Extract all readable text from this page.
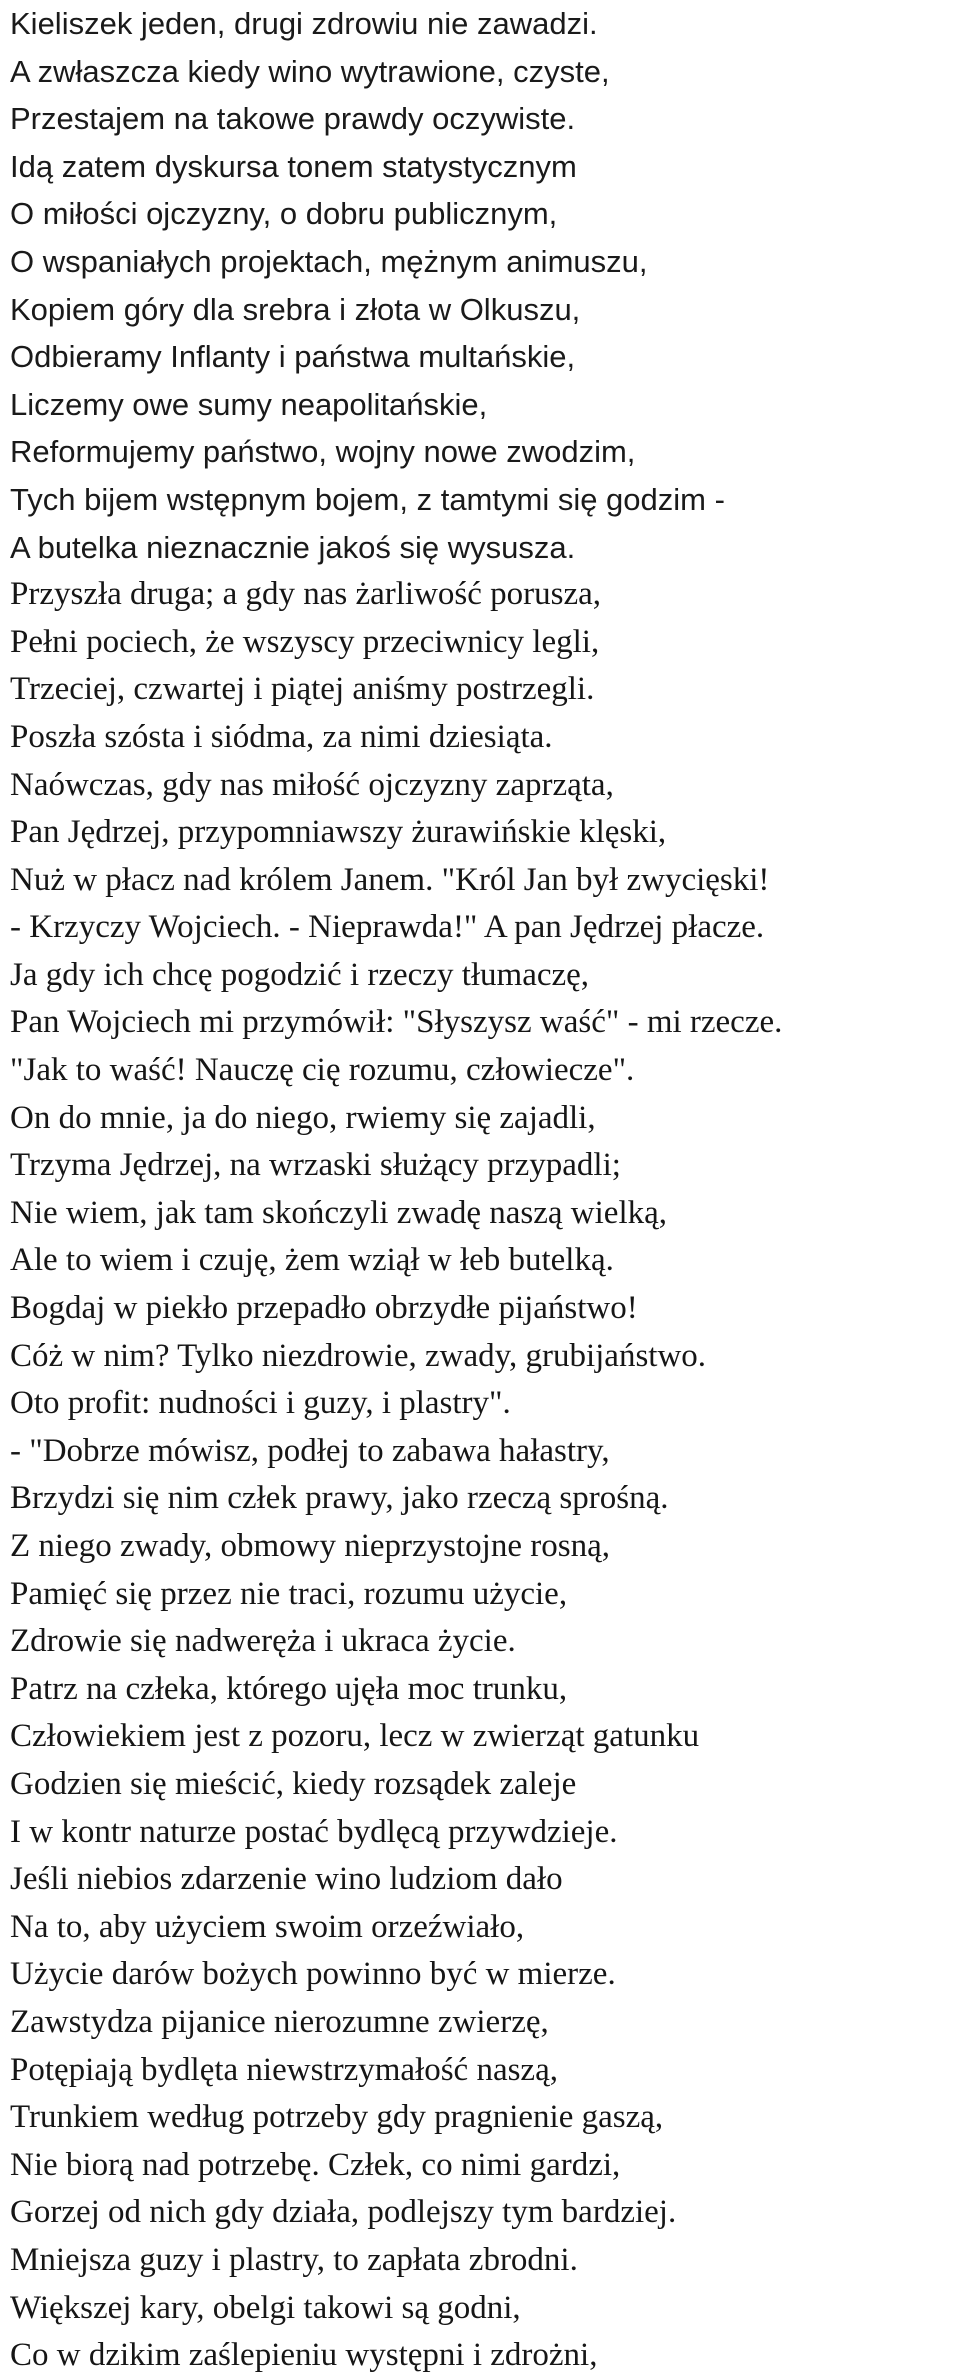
Kieliszek jeden, drugi zdrowiu nie zawadzi.
A zwłaszcza kiedy wino wytrawione, czyste,
Przestajem na takowe prawdy oczywiste.
Idą zatem dyskursa tonem statystycznym
O miłości ojczyzny, o dobru publicznym,
O wspaniałych projektach, mężnym animuszu,
Kopiem góry dla srebra i złota w Olkuszu,
Odbieramy Inflanty i państwa multańskie,
Liczemy owe sumy neapolitańskie,
Reformujemy państwo, wojny nowe zwodzim,
Tych bijem wstępnym bojem, z tamtymi się godzim -
A butelka nieznacznie jakoś się wysusza.
Przyszła druga; a gdy nas żarliwość porusza,
Pełni pociech, że wszyscy przeciwnicy legli,
Trzeciej, czwartej i piątej aniśmy postrzegli.
Poszła szósta i siódma, za nimi dziesiąta.
Naówczas, gdy nas miłość ojczyzny zaprząta,
Pan Jędrzej, przypomniawszy żurawińskie klęski,
Nuż w płacz nad królem Janem. "Król Jan był zwycięski!
- Krzyczy Wojciech. - Nieprawda!" A pan Jędrzej płacze.
Ja gdy ich chcę pogodzić i rzeczy tłumaczę,
Pan Wojciech mi przymówił: "Słyszysz waść" - mi rzecze.
"Jak to waść! Nauczę cię rozumu, człowiecze".
On do mnie, ja do niego, rwiemy się zajadli,
Trzyma Jędrzej, na wrzaski służący przypadli;
Nie wiem, jak tam skończyli zwadę naszą wielką,
Ale to wiem i czuję, żem wziął w łeb butelką.
Bogdaj w piekło przepadło obrzydłe pijaństwo!
Cóż w nim? Tylko niezdrowie, zwady, grubijaństwo.
Oto profit: nudności i guzy, i plastry".
- "Dobrze mówisz, podłej to zabawa hałastry,
Brzydzi się nim człek prawy, jako rzeczą sprośną.
Z niego zwady, obmowy nieprzystojne rosną,
Pamięć się przez nie traci, rozumu użycie,
Zdrowie się nadweręża i ukraca życie.
Patrz na człeka, którego ujęła moc trunku,
Człowiekiem jest z pozoru, lecz w zwierząt gatunku
Godzien się mieścić, kiedy rozsądek zaleje
I w kontr naturze postać bydlęcą przywdzieje.
Jeśli niebios zdarzenie wino ludziom dało
Na to, aby użyciem swoim orzeźwiało,
Użycie darów bożych powinno być w mierze.
Zawstydza pijanice nierozumne zwierzę,
Potępiają bydlęta niewstrzymałość naszą,
Trunkiem według potrzeby gdy pragnienie gaszą,
Nie biorą nad potrzebę. Człek, co nimi gardzi,
Gorzej od nich gdy działa, podlejszy tym bardziej.
Mniejsza guzy i plastry, to zapłata zbrodni.
Większej kary, obelgi takowi są godni,
Co w dzikim zaślepieniu występni i zdrożni,
